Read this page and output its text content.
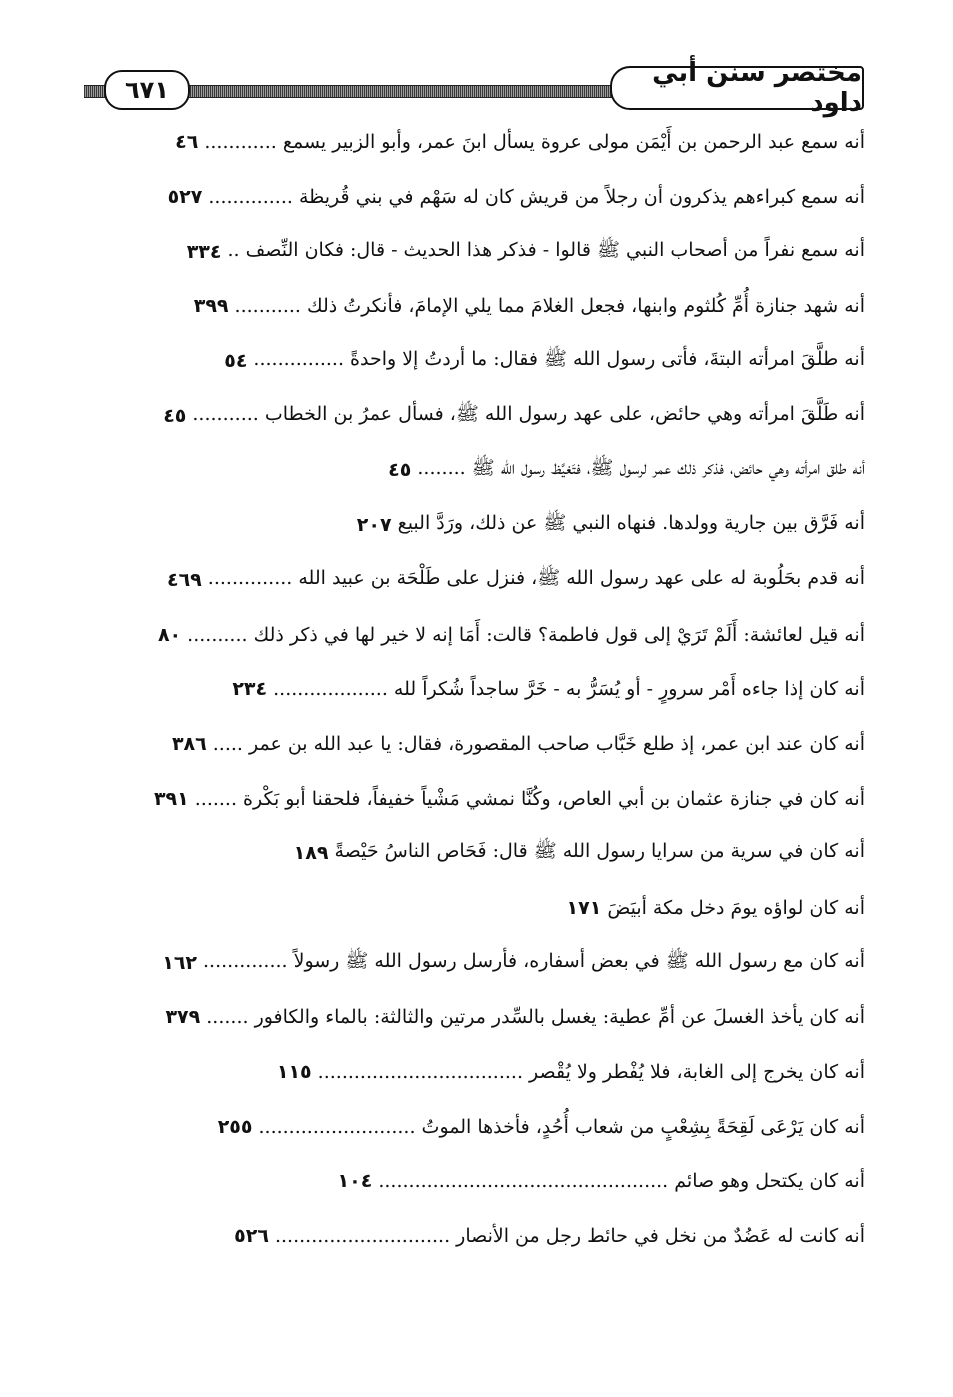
٦٧١
مختصر سنن أبي داود
أنه سمع عبد الرحمن بن أَيْمَن مولى عروة يسأل ابنَ عمر، وأبو الزبير يسمع ............
٤٦
أنه سمع كبراءهم يذكرون أن رجلاً من قريش كان له سَهْم في بني قُريظة ..............
٥٢٧
أنه سمع نفراً من أصحاب النبي ﷺ قالوا - فذكر هذا الحديث - قال: فكان النِّصف ..
٣٣٤
أنه شهد جنازة أُمِّ كُلثوم وابنها، فجعل الغلامَ مما يلي الإمامَ، فأنكرتُ ذلك ...........
٣٩٩
أنه طلَّقَ امرأته البتةَ، فأتى رسول الله ﷺ فقال: ما أردتُ إلا واحدةً ...............
٥٤
أنه طَلَّقَ امرأته وهي حائض، على عهد رسول الله ﷺ، فسأل عمرُ بن الخطاب ...........
٤٥
أنه طلق امرأته وهي حائض، فذكر ذلك عمر لرسول ﷺ، فتَغيَّظ رسول الله ﷺ ........
٤٥
أنه فَرَّق بين جارية وولدها. فنهاه النبي ﷺ عن ذلك، ورَدَّ البيع
٢٠٧
أنه قدم بحَلُوبة له على عهد رسول الله ﷺ، فنزل على طَلْحَة بن عبيد الله ..............
٤٦٩
أنه قيل لعائشة: أَلَمْ تَرَيْ إلى قول فاطمة؟ قالت: أَمَا إنه لا خير لها في ذكر ذلك ..........
٨٠
أنه كان إذا جاءه أَمْر سرورٍ - أو يُسَرُّ به - خَرَّ ساجداً شُكراً لله ...................
٢٣٤
أنه كان عند ابن عمر، إذ طلع خَبَّاب صاحب المقصورة، فقال: يا عبد الله بن عمر .....
٣٨٦
أنه كان في جنازة عثمان بن أبي العاص، وكُنَّا نمشي مَشْياً خفيفاً، فلحقنا أبو بَكْرة .......
٣٩١
أنه كان في سرية من سرايا رسول الله ﷺ قال: فَحَاص الناسُ حَيْصةً
١٨٩
أنه كان لواؤه يومَ دخل مكة أبيَضَ
١٧١
أنه كان مع رسول الله ﷺ في بعض أسفاره، فأرسل رسول الله ﷺ رسولاً ..............
١٦٢
أنه كان يأخذ الغسلَ عن أمِّ عطية: يغسل بالسِّدر مرتين والثالثة: بالماء والكافور .......
٣٧٩
أنه كان يخرج إلى الغابة، فلا يُفْطر ولا يُقْصر ..................................
١١٥
أنه كان يَرْعَى لَقِحَةً بِشِعْبٍ من شعاب أُحُدٍ، فأخذها الموتُ ..........................
٢٥٥
أنه كان يكتحل وهو صائم ................................................
١٠٤
أنه كانت له عَضُدٌ من نخل في حائط رجل من الأنصار .............................
٥٢٦
